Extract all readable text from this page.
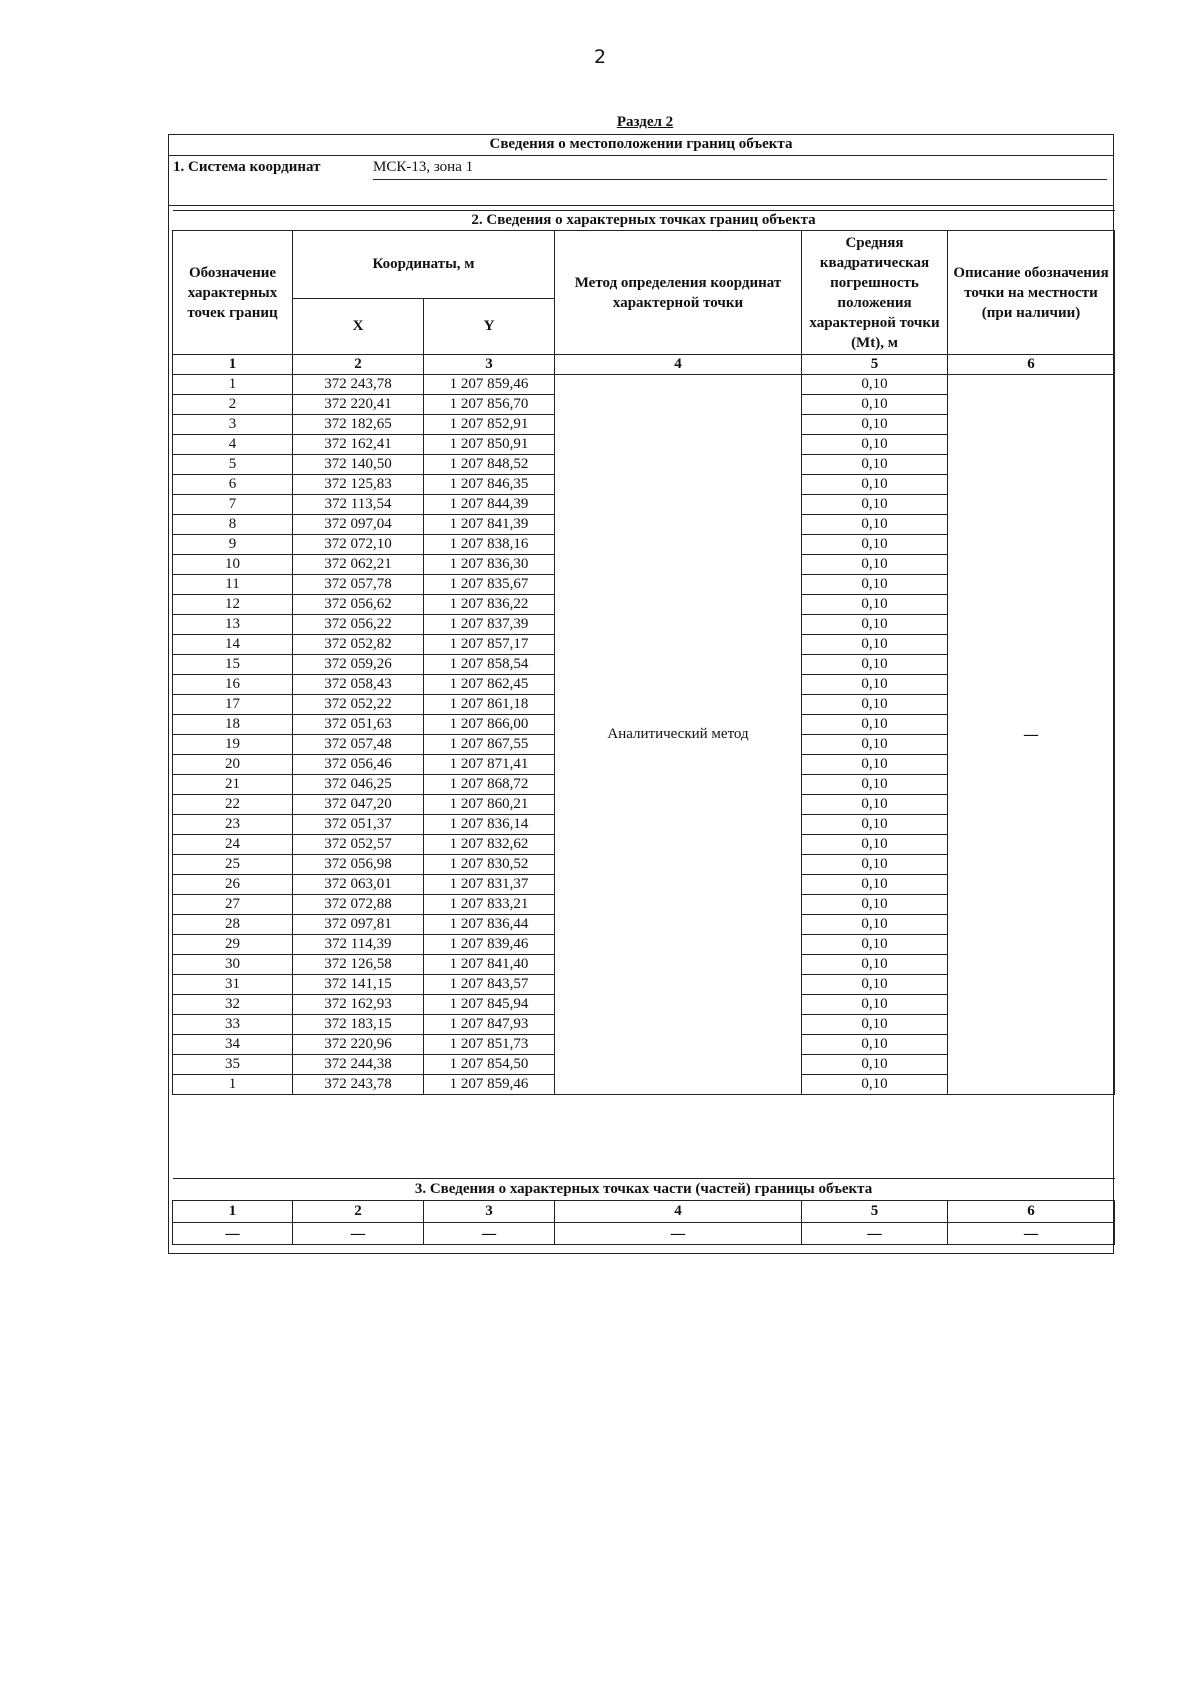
2
Раздел 2
Сведения о местоположении границ объекта
1. Система координат	МСК-13, зона 1
2. Сведения о характерных точках границ объекта					
Обозначение характерных точек границ	Координаты, м		Метод определения координат характерной точки	Средняя квадратическая погрешность положения характерной точки (Mt), м	Описание обозначения точки на местности (при наличии)
	X	Y			
1	2	3	4	5	6
1	372 243,78	1 207 859,46	Аналитический метод	0,10	—
2	372 220,41	1 207 856,70		0,10	
3	372 182,65	1 207 852,91		0,10	
4	372 162,41	1 207 850,91		0,10	
5	372 140,50	1 207 848,52		0,10	
6	372 125,83	1 207 846,35		0,10	
7	372 113,54	1 207 844,39		0,10	
8	372 097,04	1 207 841,39		0,10	
9	372 072,10	1 207 838,16		0,10	
10	372 062,21	1 207 836,30		0,10	
11	372 057,78	1 207 835,67		0,10	
12	372 056,62	1 207 836,22		0,10	
13	372 056,22	1 207 837,39		0,10	
14	372 052,82	1 207 857,17		0,10	
15	372 059,26	1 207 858,54		0,10	
16	372 058,43	1 207 862,45		0,10	
17	372 052,22	1 207 861,18		0,10	
18	372 051,63	1 207 866,00		0,10	
19	372 057,48	1 207 867,55		0,10	
20	372 056,46	1 207 871,41		0,10	
21	372 046,25	1 207 868,72		0,10	
22	372 047,20	1 207 860,21		0,10	
23	372 051,37	1 207 836,14		0,10	
24	372 052,57	1 207 832,62		0,10	
25	372 056,98	1 207 830,52		0,10	
26	372 063,01	1 207 831,37		0,10	
27	372 072,88	1 207 833,21		0,10	
28	372 097,81	1 207 836,44		0,10	
29	372 114,39	1 207 839,46		0,10	
30	372 126,58	1 207 841,40		0,10	
31	372 141,15	1 207 843,57		0,10	
32	372 162,93	1 207 845,94		0,10	
33	372 183,15	1 207 847,93		0,10	
34	372 220,96	1 207 851,73		0,10	
35	372 244,38	1 207 854,50		0,10	
1	372 243,78	1 207 859,46		0,10	
3. Сведения о характерных точках части (частей) границы объекта					
1	2	3	4	5	6
—	—	—	—	—	—
